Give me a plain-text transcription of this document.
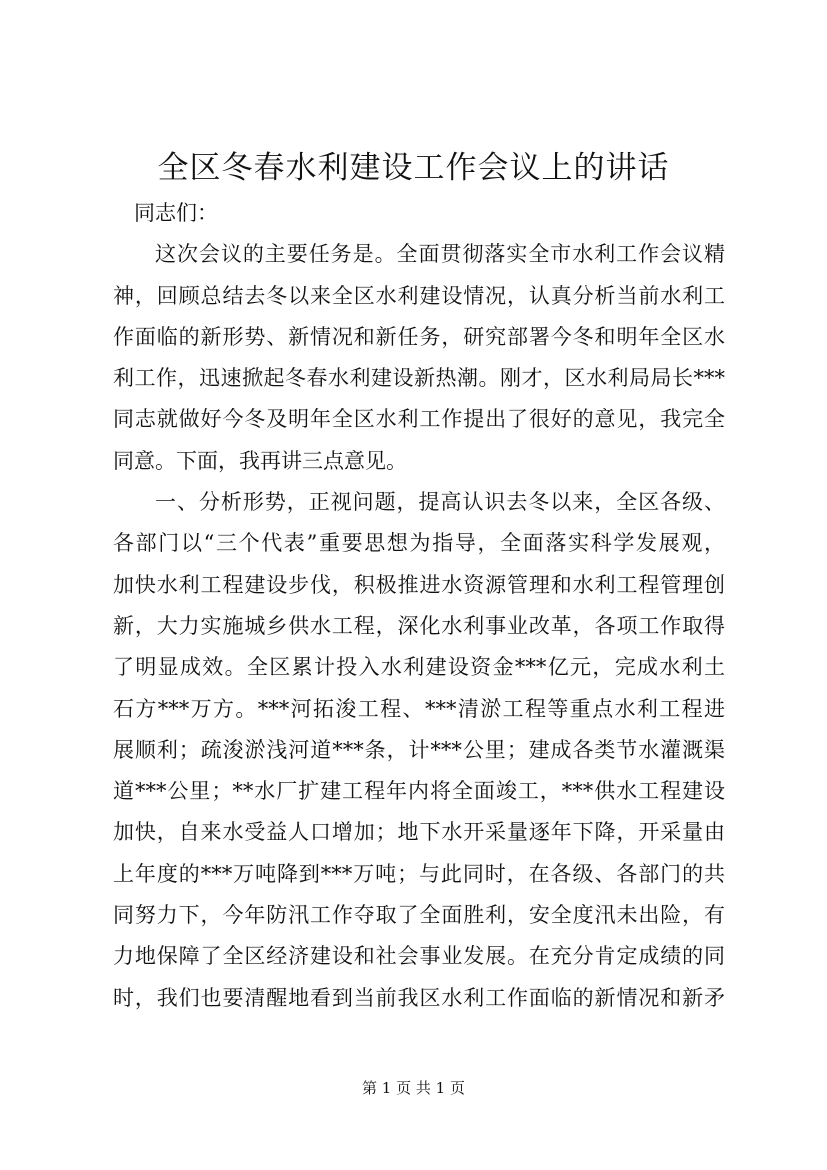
全区冬春水利建设工作会议上的讲话
同志们：
这次会议的主要任务是。全面贯彻落实全市水利工作会议精
神，回顾总结去冬以来全区水利建设情况，认真分析当前水利工
作面临的新形势、新情况和新任务，研究部署今冬和明年全区水
利工作，迅速掀起冬春水利建设新热潮。刚才，区水利局局长***
同志就做好今冬及明年全区水利工作提出了很好的意见，我完全
同意。下面，我再讲三点意见。
一、分析形势，正视问题，提高认识去冬以来，全区各级、
各部门以“三个代表”重要思想为指导，全面落实科学发展观，
加快水利工程建设步伐，积极推进水资源管理和水利工程管理创
新，大力实施城乡供水工程，深化水利事业改革，各项工作取得
了明显成效。全区累计投入水利建设资金***亿元，完成水利土
石方***万方。***河拓浚工程、***清淤工程等重点水利工程进
展顺利；疏浚淤浅河道***条，计***公里；建成各类节水灌溉渠
道***公里；**水厂扩建工程年内将全面竣工，***供水工程建设
加快，自来水受益人口增加；地下水开采量逐年下降，开采量由
上年度的***万吨降到***万吨；与此同时，在各级、各部门的共
同努力下，今年防汛工作夺取了全面胜利，安全度汛未出险，有
力地保障了全区经济建设和社会事业发展。在充分肯定成绩的同
时，我们也要清醒地看到当前我区水利工作面临的新情况和新矛
第 1 页 共 1 页
